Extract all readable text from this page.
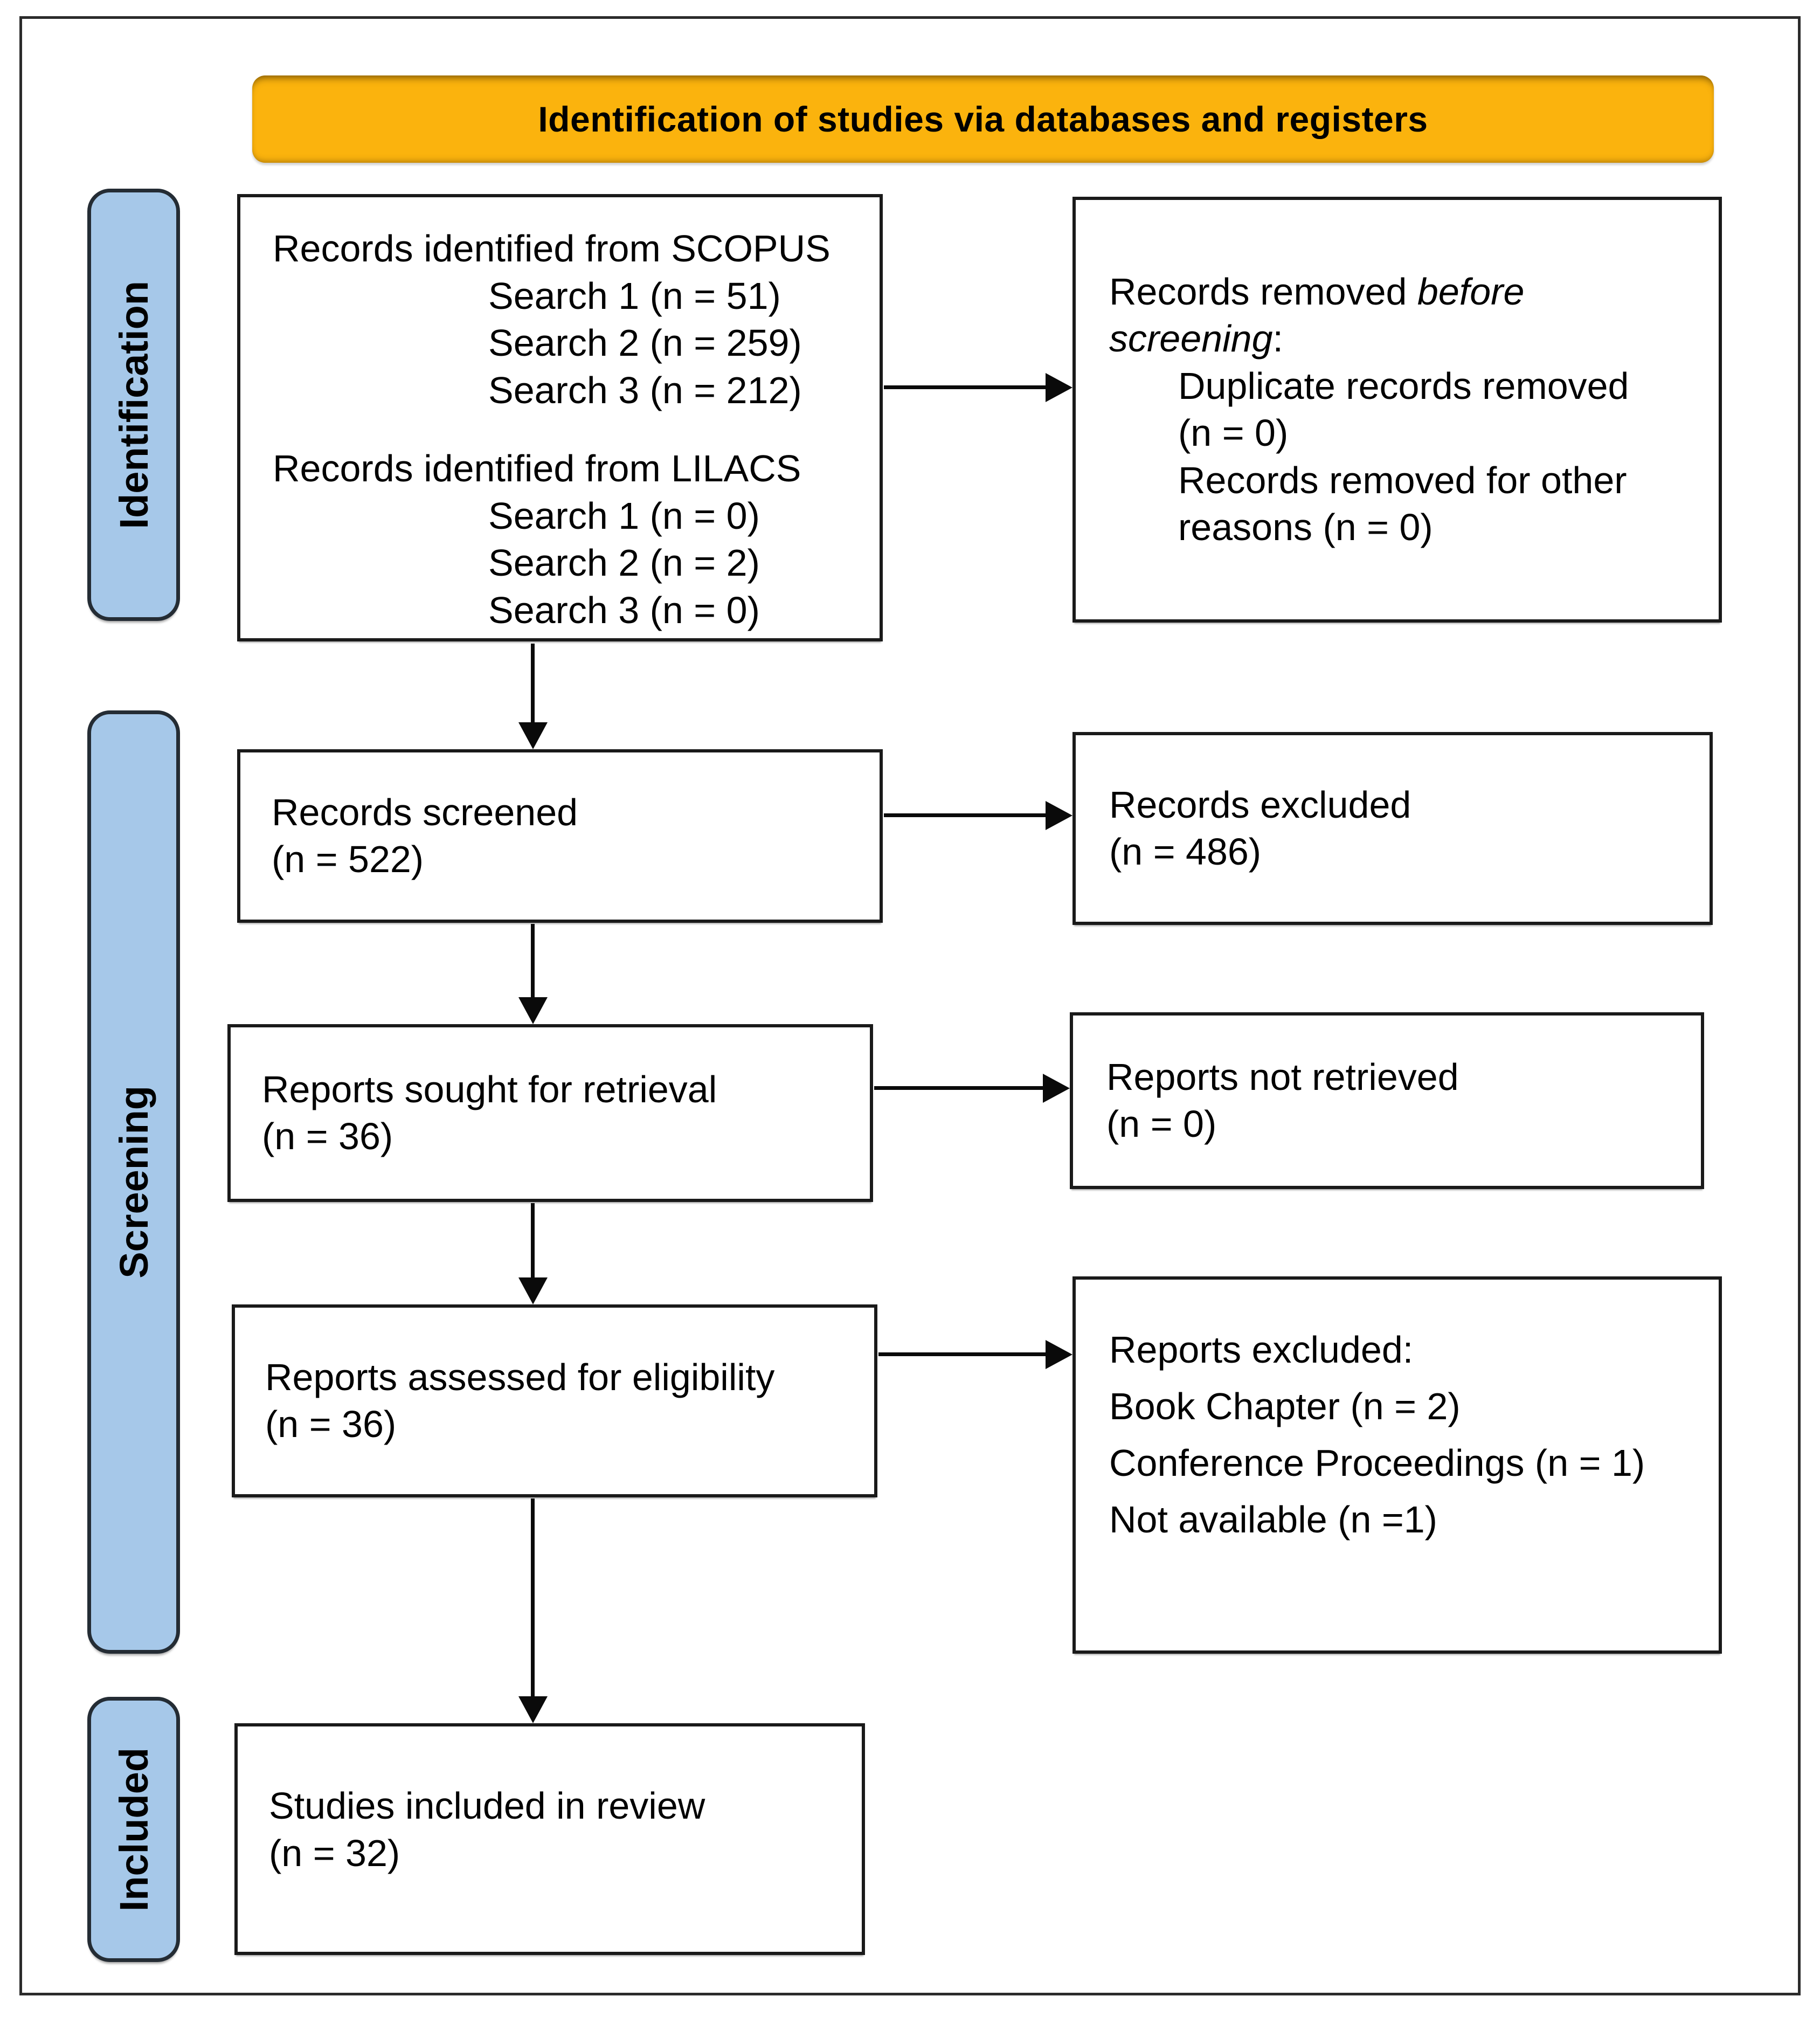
Identification of studies via databases and registers
Identification
Screening
Included
Records identified from SCOPUS
Search 1 (n = 51)
Search 2 (n = 259)
Search 3 (n = 212)
Records identified from LILACS
Search 1 (n = 0)
Search 2 (n = 2)
Search 3 (n = 0)
Records removed before
screening:
Duplicate records removed
(n = 0)
Records removed for other
reasons (n = 0)
Records screened
(n = 522)
Records excluded
(n = 486)
Reports sought for retrieval
(n = 36)
Reports not retrieved
(n = 0)
Reports assessed for eligibility
(n = 36)
Reports excluded:
Book Chapter (n = 2)
Conference Proceedings (n = 1)
Not available (n =1)
Studies included in review
(n = 32)
